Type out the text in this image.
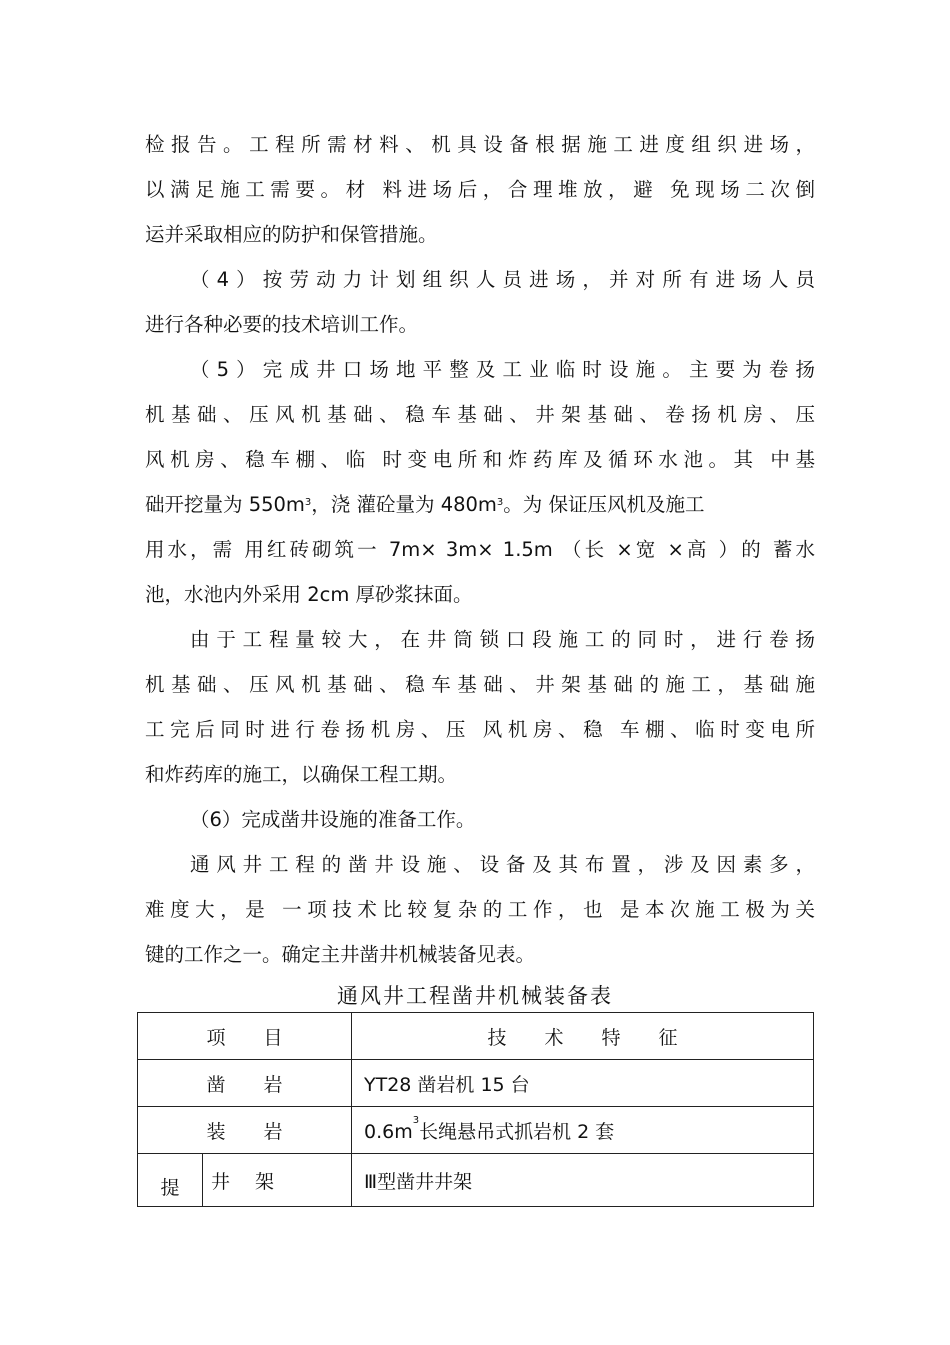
检报告。工程所需材料、机具设备根据施工进度组织进场，
以满足施工需要。材 料进场后，合理堆放，避 免现场二次倒
运并采取相应的防护和保管措施。
（4）按劳动力计划组织人员进场，并对所有进场人员
进行各种必要的技术培训工作。
（5）完成井口场地平整及工业临时设施。主要为卷扬
机基础、压风机基础、稳车基础、井架基础、卷扬机房、压
风机房、稳车棚、临 时变电所和炸药库及循环水池。其 中基
础开挖量为 $550m^3$，浇 灌砼量为 $480m^3$。为 保证压风机及施工
用水，需 用红砖砌筑一 7m× 3m× 1.5m （长 ×宽 ×高 ）的 蓄水
池，水池内外采用 2cm 厚砂浆抹面。
由于工程量较大，在井筒锁口段施工的同时，进行卷扬
机基础、压风机基础、稳车基础、井架基础的施工，基础施
工完后同时进行卷扬机房、压 风机房、稳 车棚、临时变电所
和炸药库的施工，以确保工程工期。
（6）完成凿井设施的准备工作。
通风井工程的凿井设施、设备及其布置，涉及因素多，
难度大，是 一项技术比较复杂的工作，也 是本次施工极为关
键的工作之一。确定主井凿井机械装备见表。
通风井工程凿井机械装备表
项　　目		技　　术　　特　　征
凿　　岩		YT28 凿岩机 15 台
装　　岩		$0.6m^3$长绳悬吊式抓岩机 2 套
提	井　 架	Ⅲ型凿井井架
